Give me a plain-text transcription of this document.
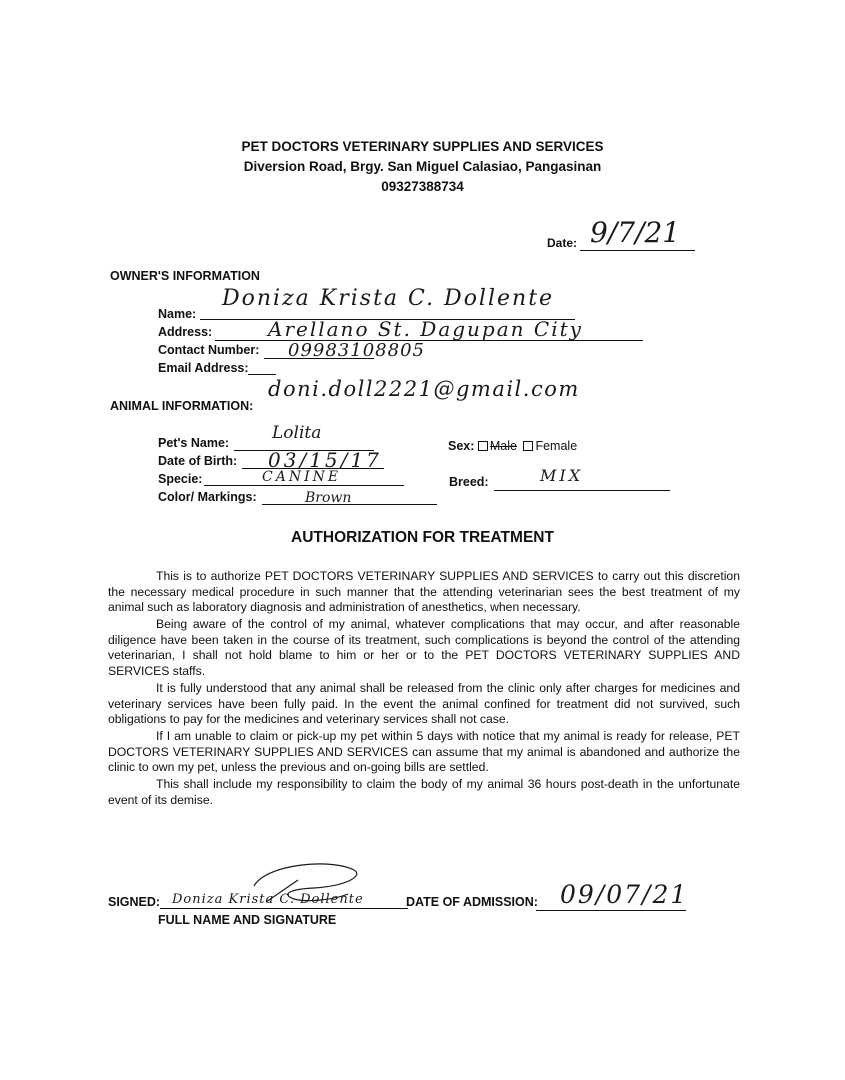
PET DOCTORS VETERINARY SUPPLIES AND SERVICES
Diversion Road, Brgy. San Miguel Calasiao, Pangasinan
09327388734
Date: 9/7/21
OWNER'S INFORMATION
Name:
Doniza Krista C. Dollente
Address:	Arellano St. Dagupan City
Contact Number: 09983108805
Email Address:
doni.doll2221@gmail.com
ANIMAL INFORMATION:
Pet's Name:	Lolita
Date of Birth: 03/15/17
Specie:	CANINE
Color/ Markings:	Brown
Sex: Male Female
Breed:	MIX
AUTHORIZATION FOR TREATMENT

This is to authorize PET DOCTORS VETERINARY SUPPLIES AND SERVICES to carry out this discretion the necessary medical procedure in such manner that the attending veterinarian sees the best treatment of my animal such as laboratory diagnosis and administration of anesthetics, when necessary.

Being aware of the control of my animal, whatever complications that may occur, and after reasonable diligence have been taken in the course of its treatment, such complications is beyond the control of the attending veterinarian, I shall not hold blame to him or her or to the PET DOCTORS VETERINARY SUPPLIES AND SERVICES staffs.

It is fully understood that any animal shall be released from the clinic only after charges for medicines and veterinary services have been fully paid. In the event the animal confined for treatment did not survived, such obligations to pay for the medicines and veterinary services shall not case.

If I am unable to claim or pick-up my pet within 5 days with notice that my animal is ready for release, PET DOCTORS VETERINARY SUPPLIES AND SERVICES can assume that my animal is abandoned and authorize the clinic to own my pet, unless the previous and on-going bills are settled.

This shall include my responsibility to claim the body of my animal 36 hours post-death in the unfortunate event of its demise.

SIGNED:
FULL NAME AND SIGNATURE
Doniza Krista C. Dollente	DATE OF ADMISSION: 09/07/21
